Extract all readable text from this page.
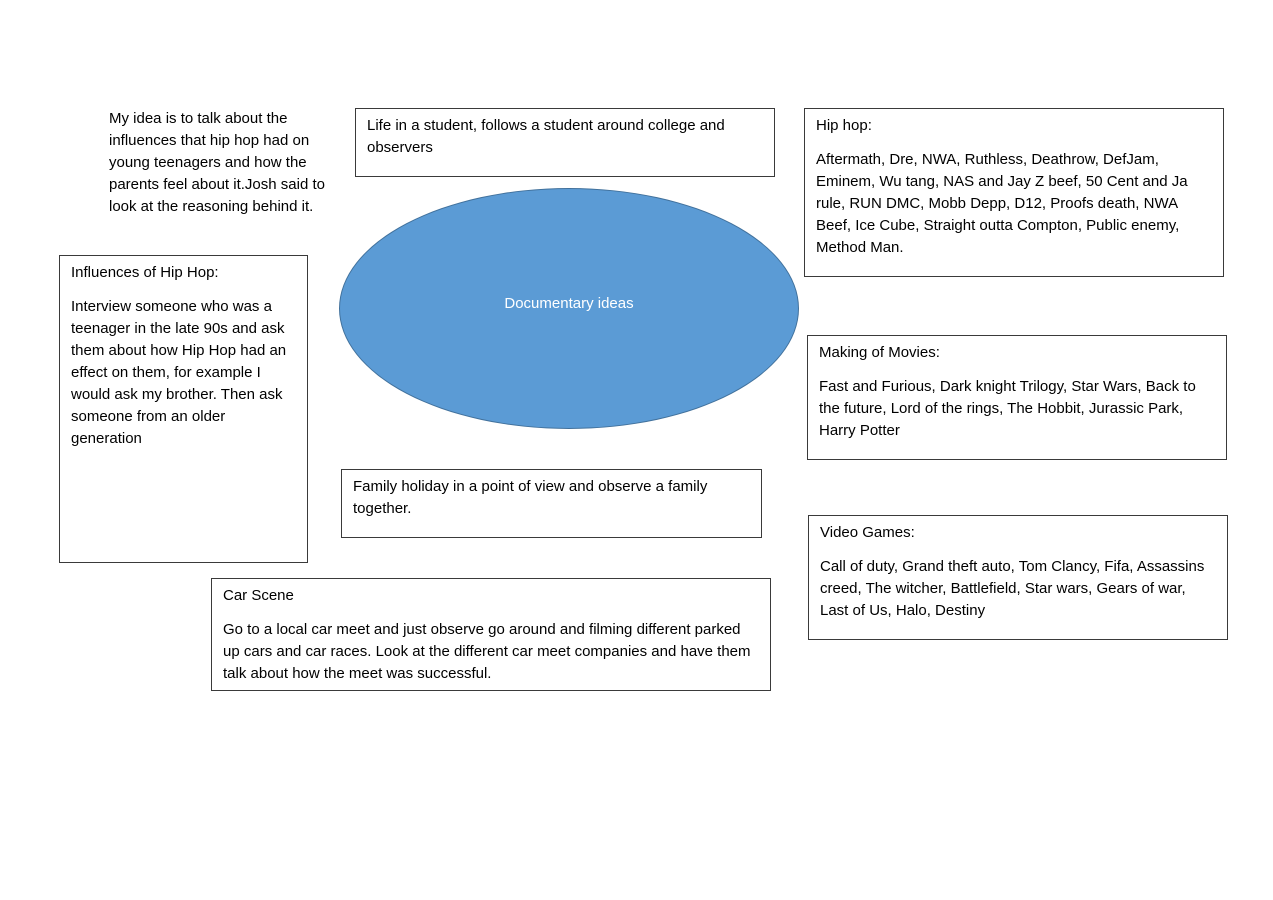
My idea is to talk about the influences that hip hop had on young teenagers and how the parents feel about it.Josh said to look at the reasoning behind it.

Life in a student, follows a student around college and observers

Hip hop:

Aftermath, Dre, NWA, Ruthless, Deathrow, DefJam, Eminem, Wu tang, NAS and Jay Z beef, 50 Cent and Ja rule, RUN DMC, Mobb Depp, D12, Proofs death, NWA Beef, Ice Cube, Straight outta Compton, Public enemy, Method Man.

Influences of Hip Hop:

Interview someone who was a teenager in the late 90s and ask them about how Hip Hop had an effect on them, for example I would ask my brother. Then ask someone from an older generation

Documentary ideas

Making of Movies:

Fast and Furious, Dark knight Trilogy, Star Wars, Back to the future, Lord of the rings, The Hobbit, Jurassic Park, Harry Potter

Family holiday in a point of view and observe a family together.

Video Games:

Call of duty, Grand theft auto, Tom Clancy, Fifa, Assassins creed, The witcher, Battlefield, Star wars, Gears of war, Last of Us, Halo, Destiny

Car Scene

Go to a local car meet and just observe go around and filming different parked up cars and car races. Look at the different car meet companies and have them talk about how the meet was successful.
